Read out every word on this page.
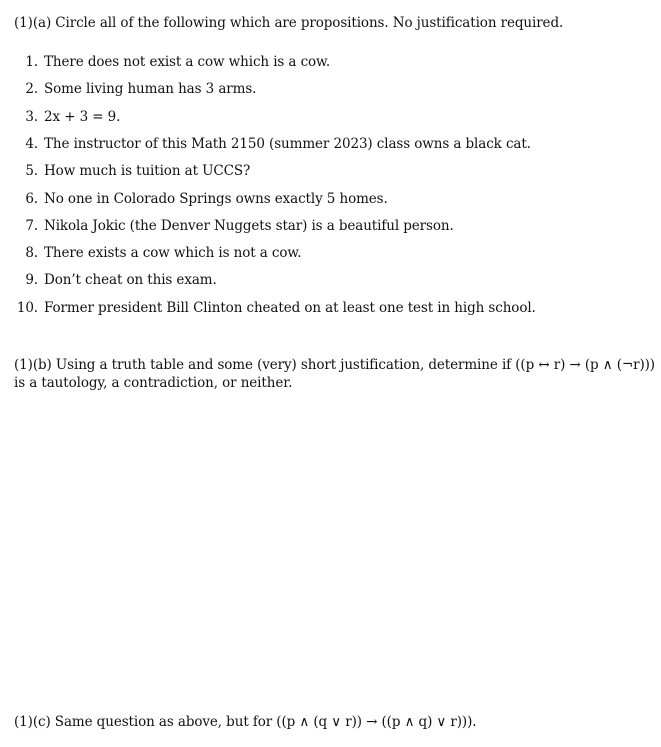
(1)(a) Circle all of the following which are propositions. No justification required.
1. There does not exist a cow which is a cow.
2. Some living human has 3 arms.
3. 2x + 3 = 9.
4. The instructor of this Math 2150 (summer 2023) class owns a black cat.
5. How much is tuition at UCCS?
6. No one in Colorado Springs owns exactly 5 homes.
7. Nikola Jokic (the Denver Nuggets star) is a beautiful person.
8. There exists a cow which is not a cow.
9. Don’t cheat on this exam.
10. Former president Bill Clinton cheated on at least one test in high school.
(1)(b) Using a truth table and some (very) short justification, determine if ((p ↔ r) → (p ∧ (¬r)))
is a tautology, a contradiction, or neither.
(1)(c) Same question as above, but for ((p ∧ (q ∨ r)) → ((p ∧ q) ∨ r))).
